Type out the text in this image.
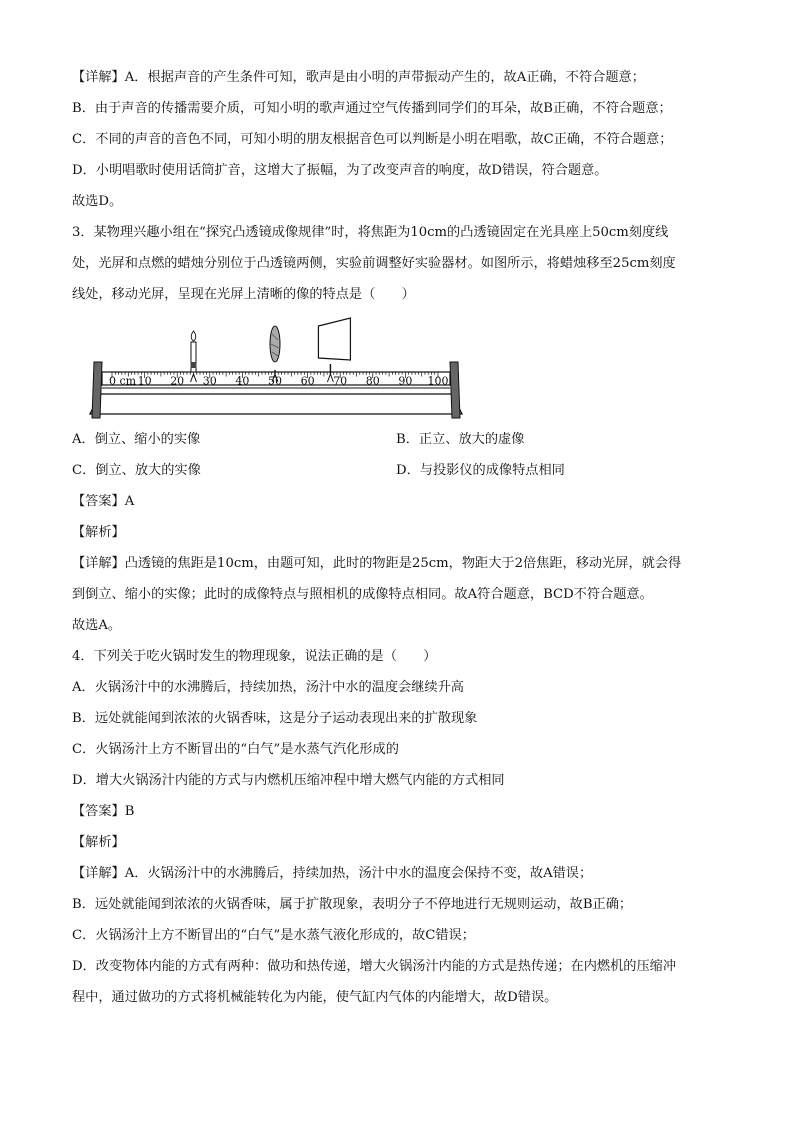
【详解】A．根据声音的产生条件可知，歌声是由小明的声带振动产生的，故A正确，不符合题意；
B．由于声音的传播需要介质，可知小明的歌声通过空气传播到同学们的耳朵，故B正确，不符合题意；
C．不同的声音的音色不同，可知小明的朋友根据音色可以判断是小明在唱歌，故C正确，不符合题意；
D．小明唱歌时使用话筒扩音，这增大了振幅，为了改变声音的响度，故D错误，符合题意。
故选D。
3．某物理兴趣小组在“探究凸透镜成像规律”时，将焦距为10cm的凸透镜固定在光具座上50cm刻度线
处，光屏和点燃的蜡烛分别位于凸透镜两侧，实验前调整好实验器材。如图所示，将蜡烛移至25cm刻度
线处，移动光屏，呈现在光屏上清晰的像的特点是（　　）
0 cm 10 20 30 40 50 60 70 80 90 100
A．倒立、缩小的实像	B．正立、放大的虚像
C．倒立、放大的实像	D．与投影仪的成像特点相同
【答案】A
【解析】
【详解】凸透镜的焦距是10cm，由题可知，此时的物距是25cm，物距大于2倍焦距，移动光屏，就会得
到倒立、缩小的实像；此时的成像特点与照相机的成像特点相同。故A符合题意，BCD不符合题意。
故选A。
4．下列关于吃火锅时发生的物理现象，说法正确的是（　　）
A．火锅汤汁中的水沸腾后，持续加热，汤汁中水的温度会继续升高
B．远处就能闻到浓浓的火锅香味，这是分子运动表现出来的扩散现象
C．火锅汤汁上方不断冒出的“白气”是水蒸气汽化形成的
D．增大火锅汤汁内能的方式与内燃机压缩冲程中增大燃气内能的方式相同
【答案】B
【解析】
【详解】A．火锅汤汁中的水沸腾后，持续加热，汤汁中水的温度会保持不变，故A错误；
B．远处就能闻到浓浓的火锅香味，属于扩散现象，表明分子不停地进行无规则运动，故B正确；
C．火锅汤汁上方不断冒出的“白气”是水蒸气液化形成的，故C错误；
D．改变物体内能的方式有两种：做功和热传递，增大火锅汤汁内能的方式是热传递；在内燃机的压缩冲
程中，通过做功的方式将机械能转化为内能，使气缸内气体的内能增大，故D错误。
